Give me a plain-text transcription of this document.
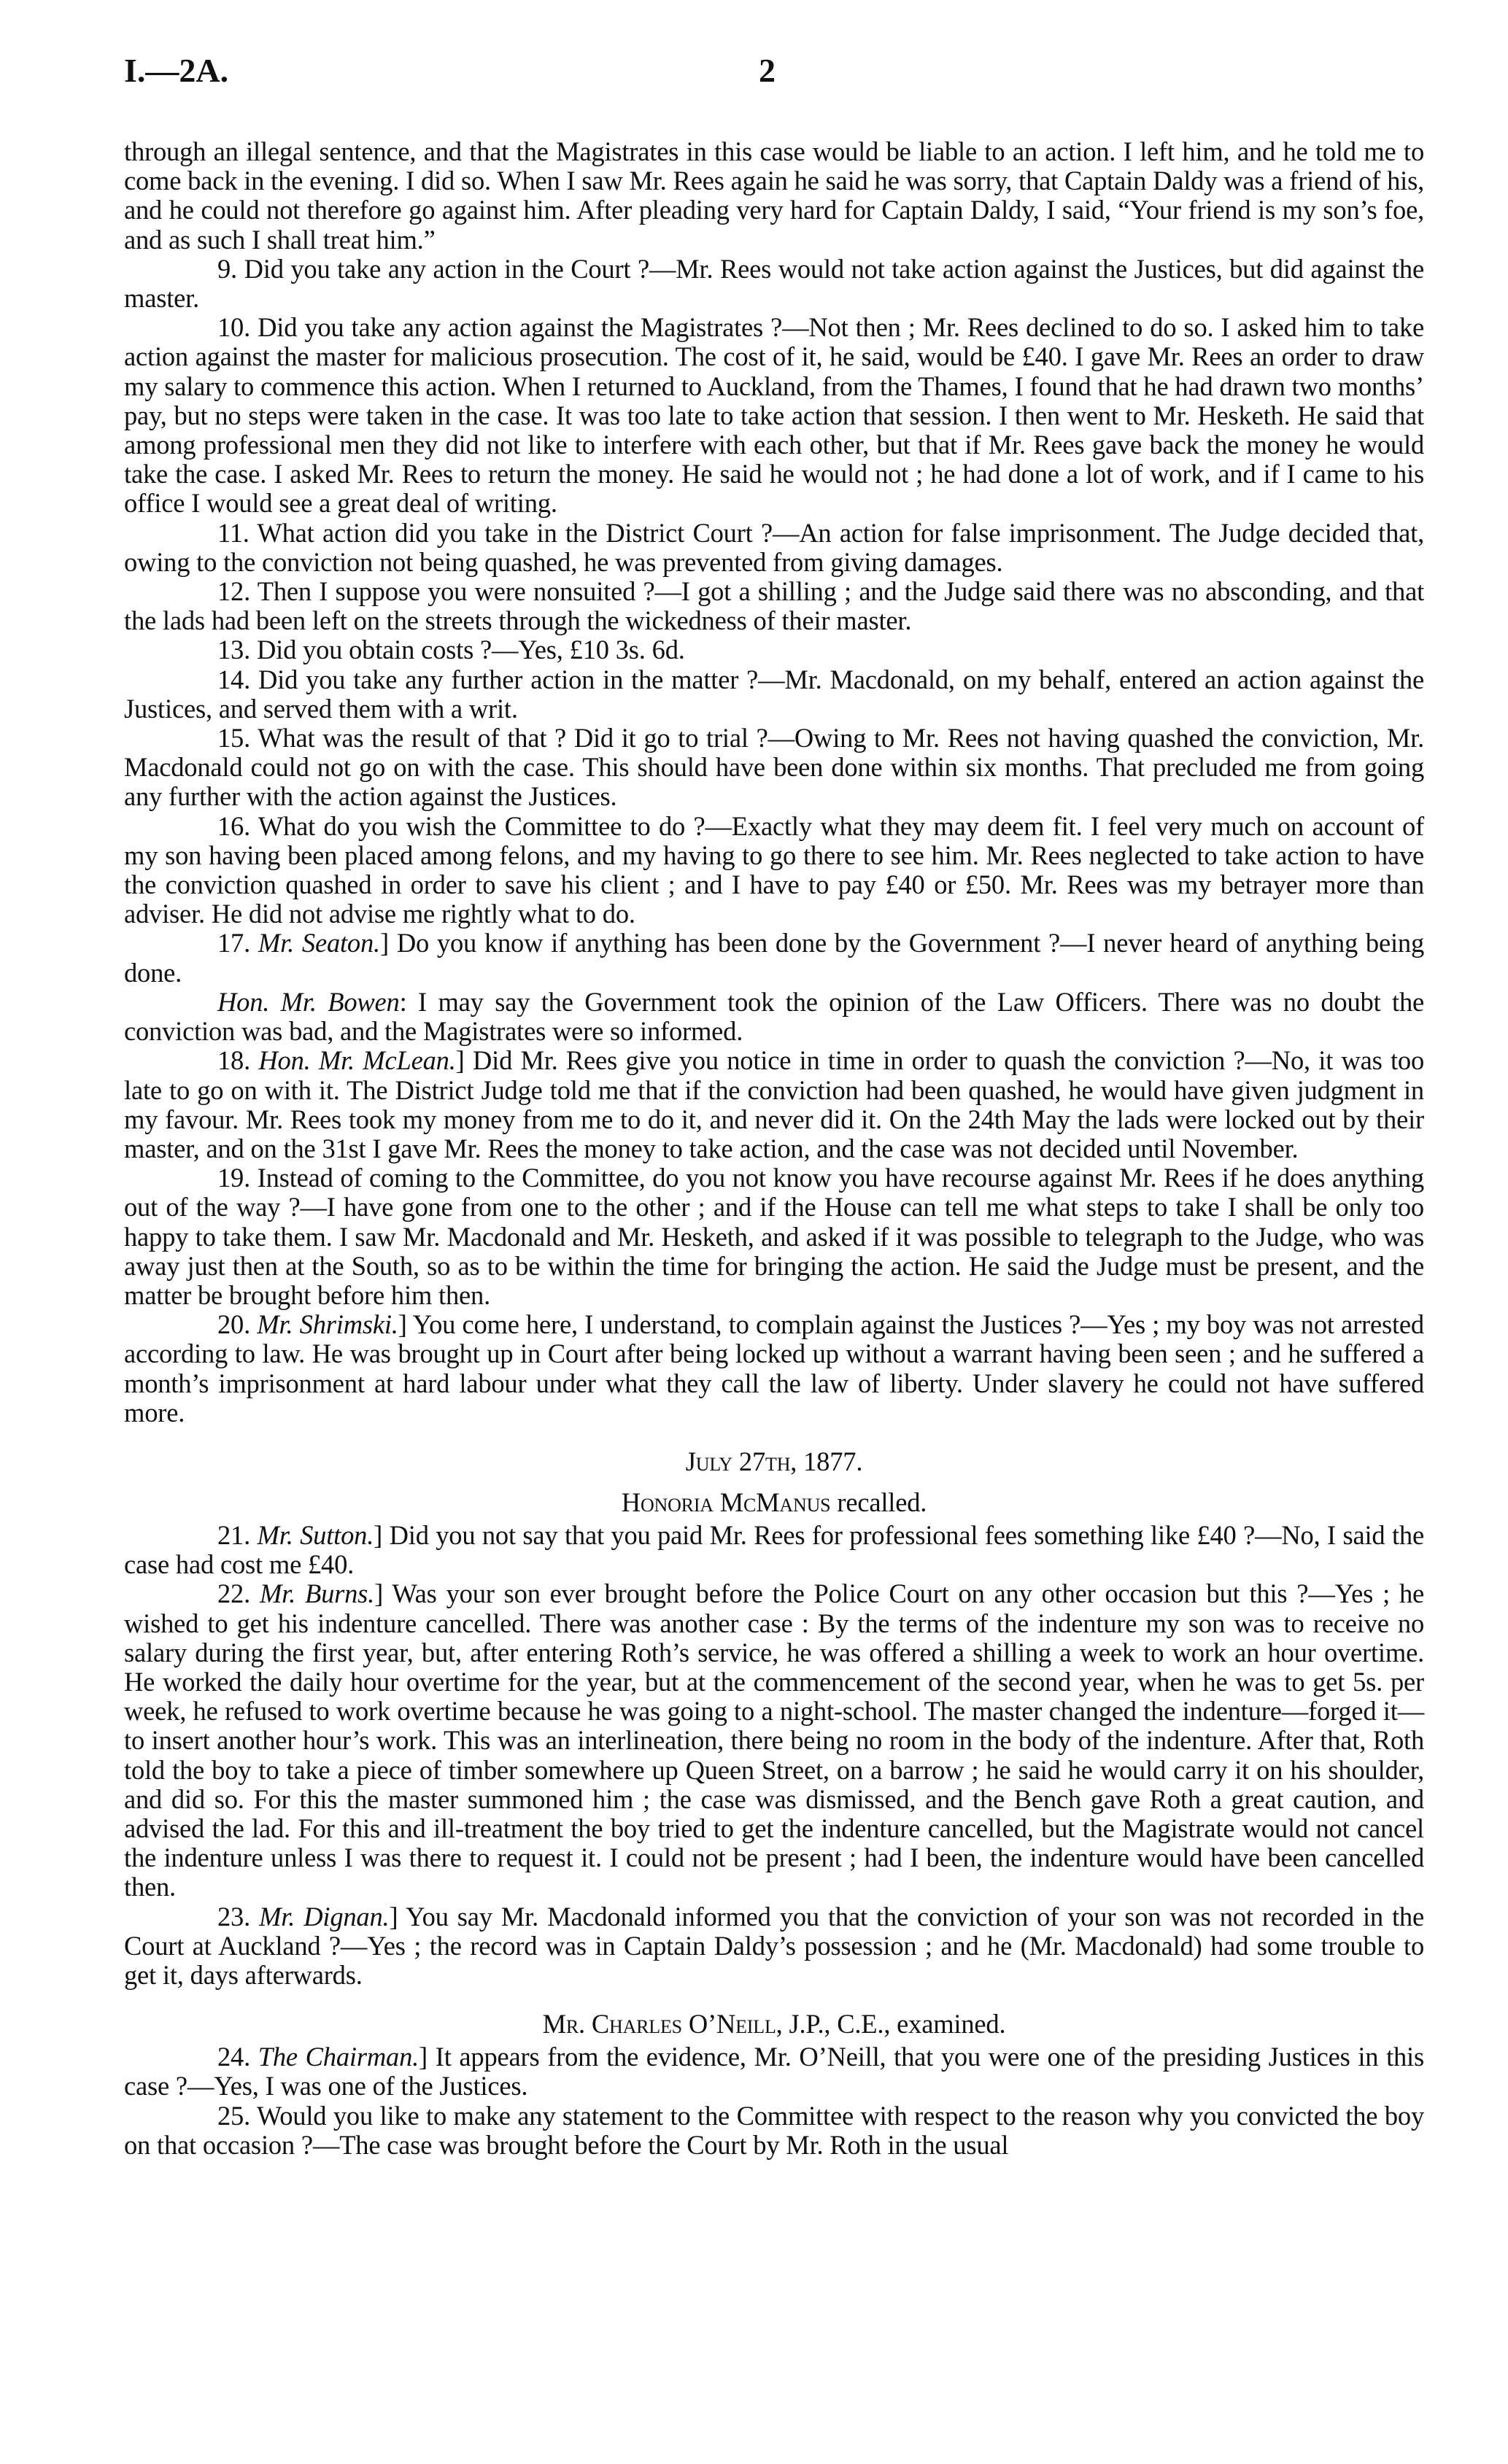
I.—2A.	2

through an illegal sentence, and that the Magistrates in this case would be liable to an action. I left him, and he told me to come back in the evening. I did so. When I saw Mr. Rees again he said he was sorry, that Captain Daldy was a friend of his, and he could not therefore go against him. After pleading very hard for Captain Daldy, I said, “Your friend is my son’s foe, and as such I shall treat him.”

9. Did you take any action in the Court ?—Mr. Rees would not take action against the Justices, but did against the master.

10. Did you take any action against the Magistrates ?—Not then ; Mr. Rees declined to do so. I asked him to take action against the master for malicious prosecution. The cost of it, he said, would be £40. I gave Mr. Rees an order to draw my salary to commence this action. When I returned to Auckland, from the Thames, I found that he had drawn two months’ pay, but no steps were taken in the case. It was too late to take action that session. I then went to Mr. Hesketh. He said that among professional men they did not like to interfere with each other, but that if Mr. Rees gave back the money he would take the case. I asked Mr. Rees to return the money. He said he would not ; he had done a lot of work, and if I came to his office I would see a great deal of writing.

11. What action did you take in the District Court ?—An action for false imprisonment. The Judge decided that, owing to the conviction not being quashed, he was prevented from giving damages.

12. Then I suppose you were nonsuited ?—I got a shilling ; and the Judge said there was no absconding, and that the lads had been left on the streets through the wickedness of their master.

13. Did you obtain costs ?—Yes, £10 3s. 6d.

14. Did you take any further action in the matter ?—Mr. Macdonald, on my behalf, entered an action against the Justices, and served them with a writ.

15. What was the result of that ? Did it go to trial ?—Owing to Mr. Rees not having quashed the conviction, Mr. Macdonald could not go on with the case. This should have been done within six months. That precluded me from going any further with the action against the Justices.

16. What do you wish the Committee to do ?—Exactly what they may deem fit. I feel very much on account of my son having been placed among felons, and my having to go there to see him. Mr. Rees neglected to take action to have the conviction quashed in order to save his client ; and I have to pay £40 or £50. Mr. Rees was my betrayer more than adviser. He did not advise me rightly what to do.

17. Mr. Seaton.] Do you know if anything has been done by the Government ?—I never heard of anything being done.

Hon. Mr. Bowen: I may say the Government took the opinion of the Law Officers. There was no doubt the conviction was bad, and the Magistrates were so informed.

18. Hon. Mr. McLean.] Did Mr. Rees give you notice in time in order to quash the conviction ?—No, it was too late to go on with it. The District Judge told me that if the conviction had been quashed, he would have given judgment in my favour. Mr. Rees took my money from me to do it, and never did it. On the 24th May the lads were locked out by their master, and on the 31st I gave Mr. Rees the money to take action, and the case was not decided until November.

19. Instead of coming to the Committee, do you not know you have recourse against Mr. Rees if he does anything out of the way ?—I have gone from one to the other ; and if the House can tell me what steps to take I shall be only too happy to take them. I saw Mr. Macdonald and Mr. Hesketh, and asked if it was possible to telegraph to the Judge, who was away just then at the South, so as to be within the time for bringing the action. He said the Judge must be present, and the matter be brought before him then.

20. Mr. Shrimski.] You come here, I understand, to complain against the Justices ?—Yes ; my boy was not arrested according to law. He was brought up in Court after being locked up without a warrant having been seen ; and he suffered a month’s imprisonment at hard labour under what they call the law of liberty. Under slavery he could not have suffered more.

July 27th, 1877.
Honoria McManus recalled.

21. Mr. Sutton.] Did you not say that you paid Mr. Rees for professional fees something like £40 ?—No, I said the case had cost me £40.

22. Mr. Burns.] Was your son ever brought before the Police Court on any other occasion but this ?—Yes ; he wished to get his indenture cancelled. There was another case : By the terms of the indenture my son was to receive no salary during the first year, but, after entering Roth’s service, he was offered a shilling a week to work an hour overtime. He worked the daily hour overtime for the year, but at the commencement of the second year, when he was to get 5s. per week, he refused to work overtime because he was going to a night-school. The master changed the indenture—forged it—to insert another hour’s work. This was an interlineation, there being no room in the body of the indenture. After that, Roth told the boy to take a piece of timber somewhere up Queen Street, on a barrow ; he said he would carry it on his shoulder, and did so. For this the master summoned him ; the case was dismissed, and the Bench gave Roth a great caution, and advised the lad. For this and ill-treatment the boy tried to get the indenture cancelled, but the Magistrate would not cancel the indenture unless I was there to request it. I could not be present ; had I been, the indenture would have been cancelled then.

23. Mr. Dignan.] You say Mr. Macdonald informed you that the conviction of your son was not recorded in the Court at Auckland ?—Yes ; the record was in Captain Daldy’s possession ; and he (Mr. Macdonald) had some trouble to get it, days afterwards.

Mr. Charles O’Neill, J.P., C.E., examined.

24. The Chairman.] It appears from the evidence, Mr. O’Neill, that you were one of the presiding Justices in this case ?—Yes, I was one of the Justices.

25. Would you like to make any statement to the Committee with respect to the reason why you convicted the boy on that occasion ?—The case was brought before the Court by Mr. Roth in the usual
